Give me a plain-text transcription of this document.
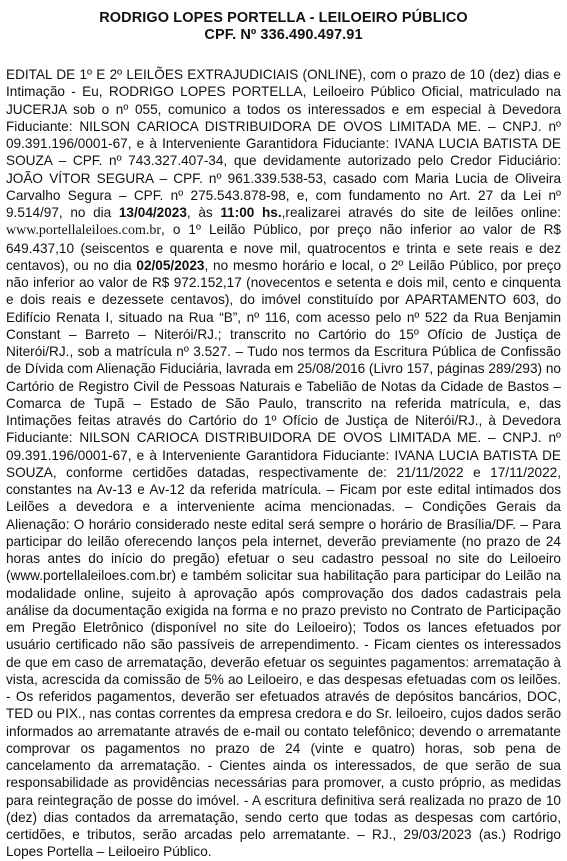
RODRIGO LOPES PORTELLA - LEILOEIRO PÚBLICO
CPF. Nº 336.490.497.91

EDITAL DE 1º E 2º LEILÕES EXTRAJUDICIAIS (ONLINE), com o prazo de 10 (dez) dias e Intimação - Eu, RODRIGO LOPES PORTELLA, Leiloeiro Público Oficial, matriculado na JUCERJA sob o nº 055, comunico a todos os interessados e em especial à Devedora Fiduciante: NILSON CARIOCA DISTRIBUIDORA DE OVOS LIMITADA ME. – CNPJ. nº 09.391.196/0001-67, e à Interveniente Garantidora Fiduciante: IVANA LUCIA BATISTA DE SOUZA – CPF. nº 743.327.407-34, que devidamente autorizado pelo Credor Fiduciário: JOÃO VÍTOR SEGURA – CPF. nº 961.339.538-53, casado com Maria Lucia de Oliveira Carvalho Segura – CPF. nº 275.543.878-98, e, com fundamento no Art. 27 da Lei nº 9.514/97, no dia 13/04/2023, às 11:00 hs.,realizarei através do site de leilões online: www.portellaleiloes.com.br, o 1º Leilão Público, por preço não inferior ao valor de R$ 649.437,10 (seiscentos e quarenta e nove mil, quatrocentos e trinta e sete reais e dez centavos), ou no dia 02/05/2023, no mesmo horário e local, o 2º Leilão Público, por preço não inferior ao valor de R$ 972.152,17 (novecentos e setenta e dois mil, cento e cinquenta e dois reais e dezessete centavos), do imóvel constituído por APARTAMENTO 603, do Edifício Renata I, situado na Rua “B”, nº 116, com acesso pelo nº 522 da Rua Benjamin Constant – Barreto – Niterói/RJ.; transcrito no Cartório do 15º Ofício de Justiça de Niterói/RJ., sob a matrícula nº 3.527. – Tudo nos termos da Escritura Pública de Confissão de Dívida com Alienação Fiduciária, lavrada em 25/08/2016 (Livro 157, páginas 289/293) no Cartório de Registro Civil de Pessoas Naturais e Tabelião de Notas da Cidade de Bastos – Comarca de Tupã – Estado de São Paulo, transcrito na referida matrícula, e, das Intimações feitas através do Cartório do 1º Ofício de Justiça de Niterói/RJ., à Devedora Fiduciante: NILSON CARIOCA DISTRIBUIDORA DE OVOS LIMITADA ME. – CNPJ. nº 09.391.196/0001-67, e à Interveniente Garantidora Fiduciante: IVANA LUCIA BATISTA DE SOUZA, conforme certidões datadas, respectivamente de: 21/11/2022 e 17/11/2022, constantes na Av-13 e Av-12 da referida matrícula. – Ficam por este edital intimados dos Leilões a devedora e a interveniente acima mencionadas. – Condições Gerais da Alienação: O horário considerado neste edital será sempre o horário de Brasília/DF. – Para participar do leilão oferecendo lanços pela internet, deverão previamente (no prazo de 24 horas antes do início do pregão) efetuar o seu cadastro pessoal no site do Leiloeiro (www.portellaleiloes.com.br) e também solicitar sua habilitação para participar do Leilão na modalidade online, sujeito à aprovação após comprovação dos dados cadastrais pela análise da documentação exigida na forma e no prazo previsto no Contrato de Participação em Pregão Eletrônico (disponível no site do Leiloeiro); Todos os lances efetuados por usuário certificado não são passíveis de arrependimento. - Ficam cientes os interessados de que em caso de arrematação, deverão efetuar os seguintes pagamentos: arrematação à vista, acrescida da comissão de 5% ao Leiloeiro, e das despesas efetuadas com os leilões. - Os referidos pagamentos, deverão ser efetuados através de depósitos bancários, DOC, TED ou PIX., nas contas correntes da empresa credora e do Sr. leiloeiro, cujos dados serão informados ao arrematante através de e-mail ou contato telefônico; devendo o arrematante comprovar os pagamentos no prazo de 24 (vinte e quatro) horas, sob pena de cancelamento da arrematação. - Cientes ainda os interessados, de que serão de sua responsabilidade as providências necessárias para promover, a custo próprio, as medidas para reintegração de posse do imóvel. - A escritura definitiva será realizada no prazo de 10 (dez) dias contados da arrematação, sendo certo que todas as despesas com cartório, certidões, e tributos, serão arcadas pelo arrematante. – RJ., 29/03/2023 (as.) Rodrigo Lopes Portella – Leiloeiro Público.
